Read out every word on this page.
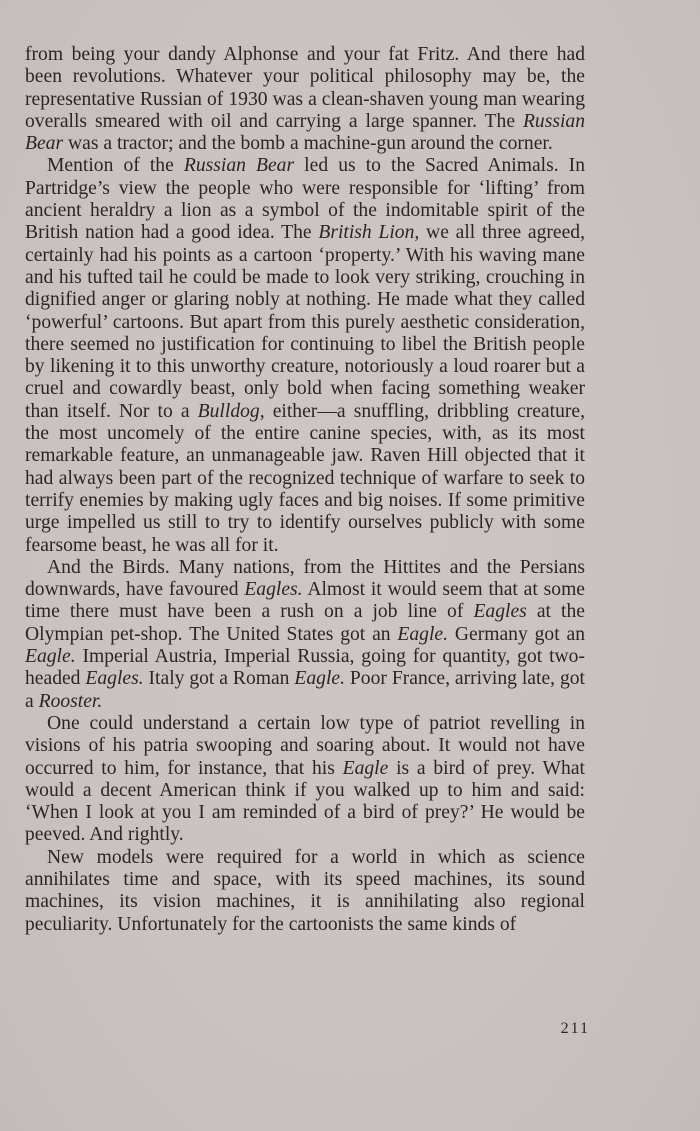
from being your dandy Alphonse and your fat Fritz. And there had been revolutions. Whatever your political philosophy may be, the representative Russian of 1930 was a clean-shaven young man wearing overalls smeared with oil and carrying a large spanner. The Russian Bear was a tractor; and the bomb a machine-gun around the corner.

Mention of the Russian Bear led us to the Sacred Animals. In Partridge’s view the people who were responsible for ‘lifting’ from ancient heraldry a lion as a symbol of the indomitable spirit of the British nation had a good idea. The British Lion, we all three agreed, certainly had his points as a cartoon ‘property.’ With his waving mane and his tufted tail he could be made to look very striking, crouching in dignified anger or glaring nobly at nothing. He made what they called ‘powerful’ cartoons. But apart from this purely aesthetic consideration, there seemed no justification for continuing to libel the British people by likening it to this unworthy creature, notoriously a loud roarer but a cruel and cowardly beast, only bold when facing something weaker than itself. Nor to a Bulldog, either—a snuffling, dribbling creature, the most uncomely of the entire canine species, with, as its most remarkable feature, an unmanageable jaw. Raven Hill objected that it had always been part of the recognized technique of warfare to seek to terrify enemies by making ugly faces and big noises. If some primitive urge impelled us still to try to identify ourselves publicly with some fearsome beast, he was all for it.

And the Birds. Many nations, from the Hittites and the Persians downwards, have favoured Eagles. Almost it would seem that at some time there must have been a rush on a job line of Eagles at the Olympian pet-shop. The United States got an Eagle. Germany got an Eagle. Imperial Austria, Imperial Russia, going for quantity, got two-headed Eagles. Italy got a Roman Eagle. Poor France, arriving late, got a Rooster.

One could understand a certain low type of patriot revelling in visions of his patria swooping and soaring about. It would not have occurred to him, for instance, that his Eagle is a bird of prey. What would a decent American think if you walked up to him and said: ‘When I look at you I am reminded of a bird of prey?’ He would be peeved. And rightly.

New models were required for a world in which as science annihilates time and space, with its speed machines, its sound machines, its vision machines, it is annihilating also regional peculiarity. Unfortunately for the cartoonists the same kinds of

211
